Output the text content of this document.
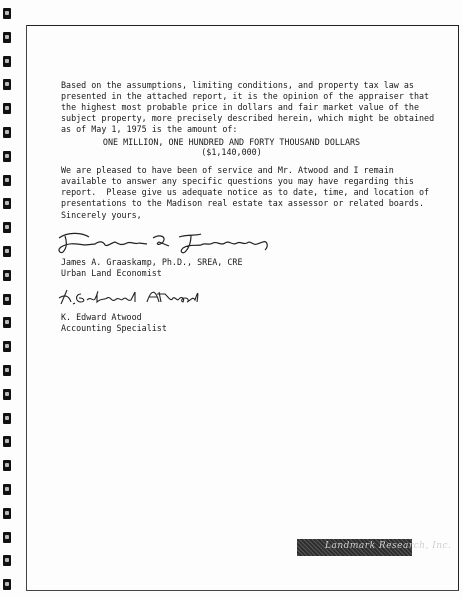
Based on the assumptions, limiting conditions, and property tax law as
presented in the attached report, it is the opinion of the appraiser that
the highest most probable price in dollars and fair market value of the
subject property, more precisely described herein, which might be obtained
as of May 1, 1975 is the amount of:
ONE MILLION, ONE HUNDRED AND FORTY THOUSAND DOLLARS
($1,140,000)
We are pleased to have been of service and Mr. Atwood and I remain
available to answer any specific questions you may have regarding this
report.  Please give us adequate notice as to date, time, and location of
presentations to the Madison real estate tax assessor or related boards.
Sincerely yours,
James A. Graaskamp, Ph.D., SREA, CRE
Urban Land Economist
K. Edward Atwood
Accounting Specialist
Landmark Research, Inc.
